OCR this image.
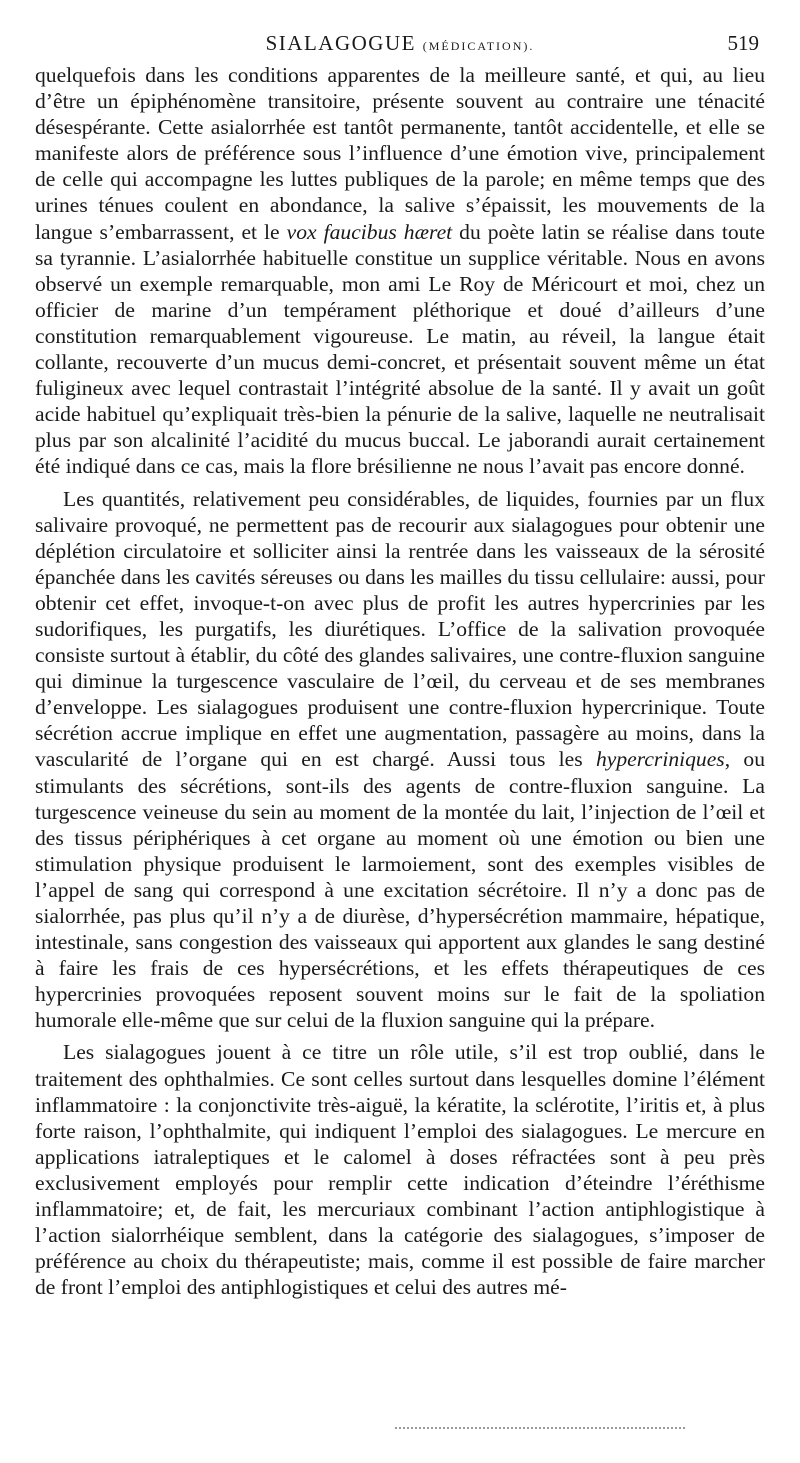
SIALAGOGUE (MÉDICATION).	519

quelquefois dans les conditions apparentes de la meilleure santé, et qui, au lieu d’être un épiphénomène transitoire, présente souvent au contraire une ténacité désespérante. Cette asialorrhée est tantôt permanente, tantôt accidentelle, et elle se manifeste alors de préférence sous l’influence d’une émotion vive, principalement de celle qui accompagne les luttes publiques de la parole; en même temps que des urines ténues coulent en abondance, la salive s’épaissit, les mouvements de la langue s’embarrassent, et le vox faucibus hæret du poète latin se réalise dans toute sa tyrannie. L’asialorrhée habituelle constitue un supplice véritable. Nous en avons observé un exemple remarquable, mon ami Le Roy de Méricourt et moi, chez un officier de marine d’un tempérament pléthorique et doué d’ailleurs d’une constitution remarquablement vigoureuse. Le matin, au réveil, la langue était collante, recouverte d’un mucus demi-concret, et présentait souvent même un état fuligineux avec lequel contrastait l’intégrité absolue de la santé. Il y avait un goût acide habituel qu’expliquait très-bien la pénurie de la salive, laquelle ne neutralisait plus par son alcalinité l’acidité du mucus buccal. Le jaborandi aurait certainement été indiqué dans ce cas, mais la flore brésilienne ne nous l’avait pas encore donné.

Les quantités, relativement peu considérables, de liquides, fournies par un flux salivaire provoqué, ne permettent pas de recourir aux sialagogues pour obtenir une déplétion circulatoire et solliciter ainsi la rentrée dans les vaisseaux de la sérosité épanchée dans les cavités séreuses ou dans les mailles du tissu cellulaire: aussi, pour obtenir cet effet, invoque-t-on avec plus de profit les autres hypercrinies par les sudorifiques, les purgatifs, les diurétiques. L’office de la salivation provoquée consiste surtout à établir, du côté des glandes salivaires, une contre-fluxion sanguine qui diminue la turgescence vasculaire de l’œil, du cerveau et de ses membranes d’enveloppe. Les sialagogues produisent une contre-fluxion hypercrinique. Toute sécrétion accrue implique en effet une augmentation, passagère au moins, dans la vascularité de l’organe qui en est chargé. Aussi tous les hypercriniques, ou stimulants des sécrétions, sont-ils des agents de contre-fluxion sanguine. La turgescence veineuse du sein au moment de la montée du lait, l’injection de l’œil et des tissus périphériques à cet organe au moment où une émotion ou bien une stimulation physique produisent le larmoiement, sont des exemples visibles de l’appel de sang qui correspond à une excitation sécrétoire. Il n’y a donc pas de sialorrhée, pas plus qu’il n’y a de diurèse, d’hypersécrétion mammaire, hépatique, intestinale, sans congestion des vaisseaux qui apportent aux glandes le sang destiné à faire les frais de ces hypersécrétions, et les effets thérapeutiques de ces hypercrinies provoquées reposent souvent moins sur le fait de la spoliation humorale elle-même que sur celui de la fluxion sanguine qui la prépare.

Les sialagogues jouent à ce titre un rôle utile, s’il est trop oublié, dans le traitement des ophthalmies. Ce sont celles surtout dans lesquelles domine l’élément inflammatoire : la conjonctivite très-aiguë, la kératite, la sclérotite, l’iritis et, à plus forte raison, l’ophthalmite, qui indiquent l’emploi des sialagogues. Le mercure en applications iatraleptiques et le calomel à doses réfractées sont à peu près exclusivement employés pour remplir cette indication d’éteindre l’éréthisme inflammatoire; et, de fait, les mercuriaux combinant l’action antiphlogistique à l’action sialorrhéique semblent, dans la catégorie des sialagogues, s’imposer de préférence au choix du thérapeutiste; mais, comme il est possible de faire marcher de front l’emploi des antiphlogistiques et celui des autres mé-
